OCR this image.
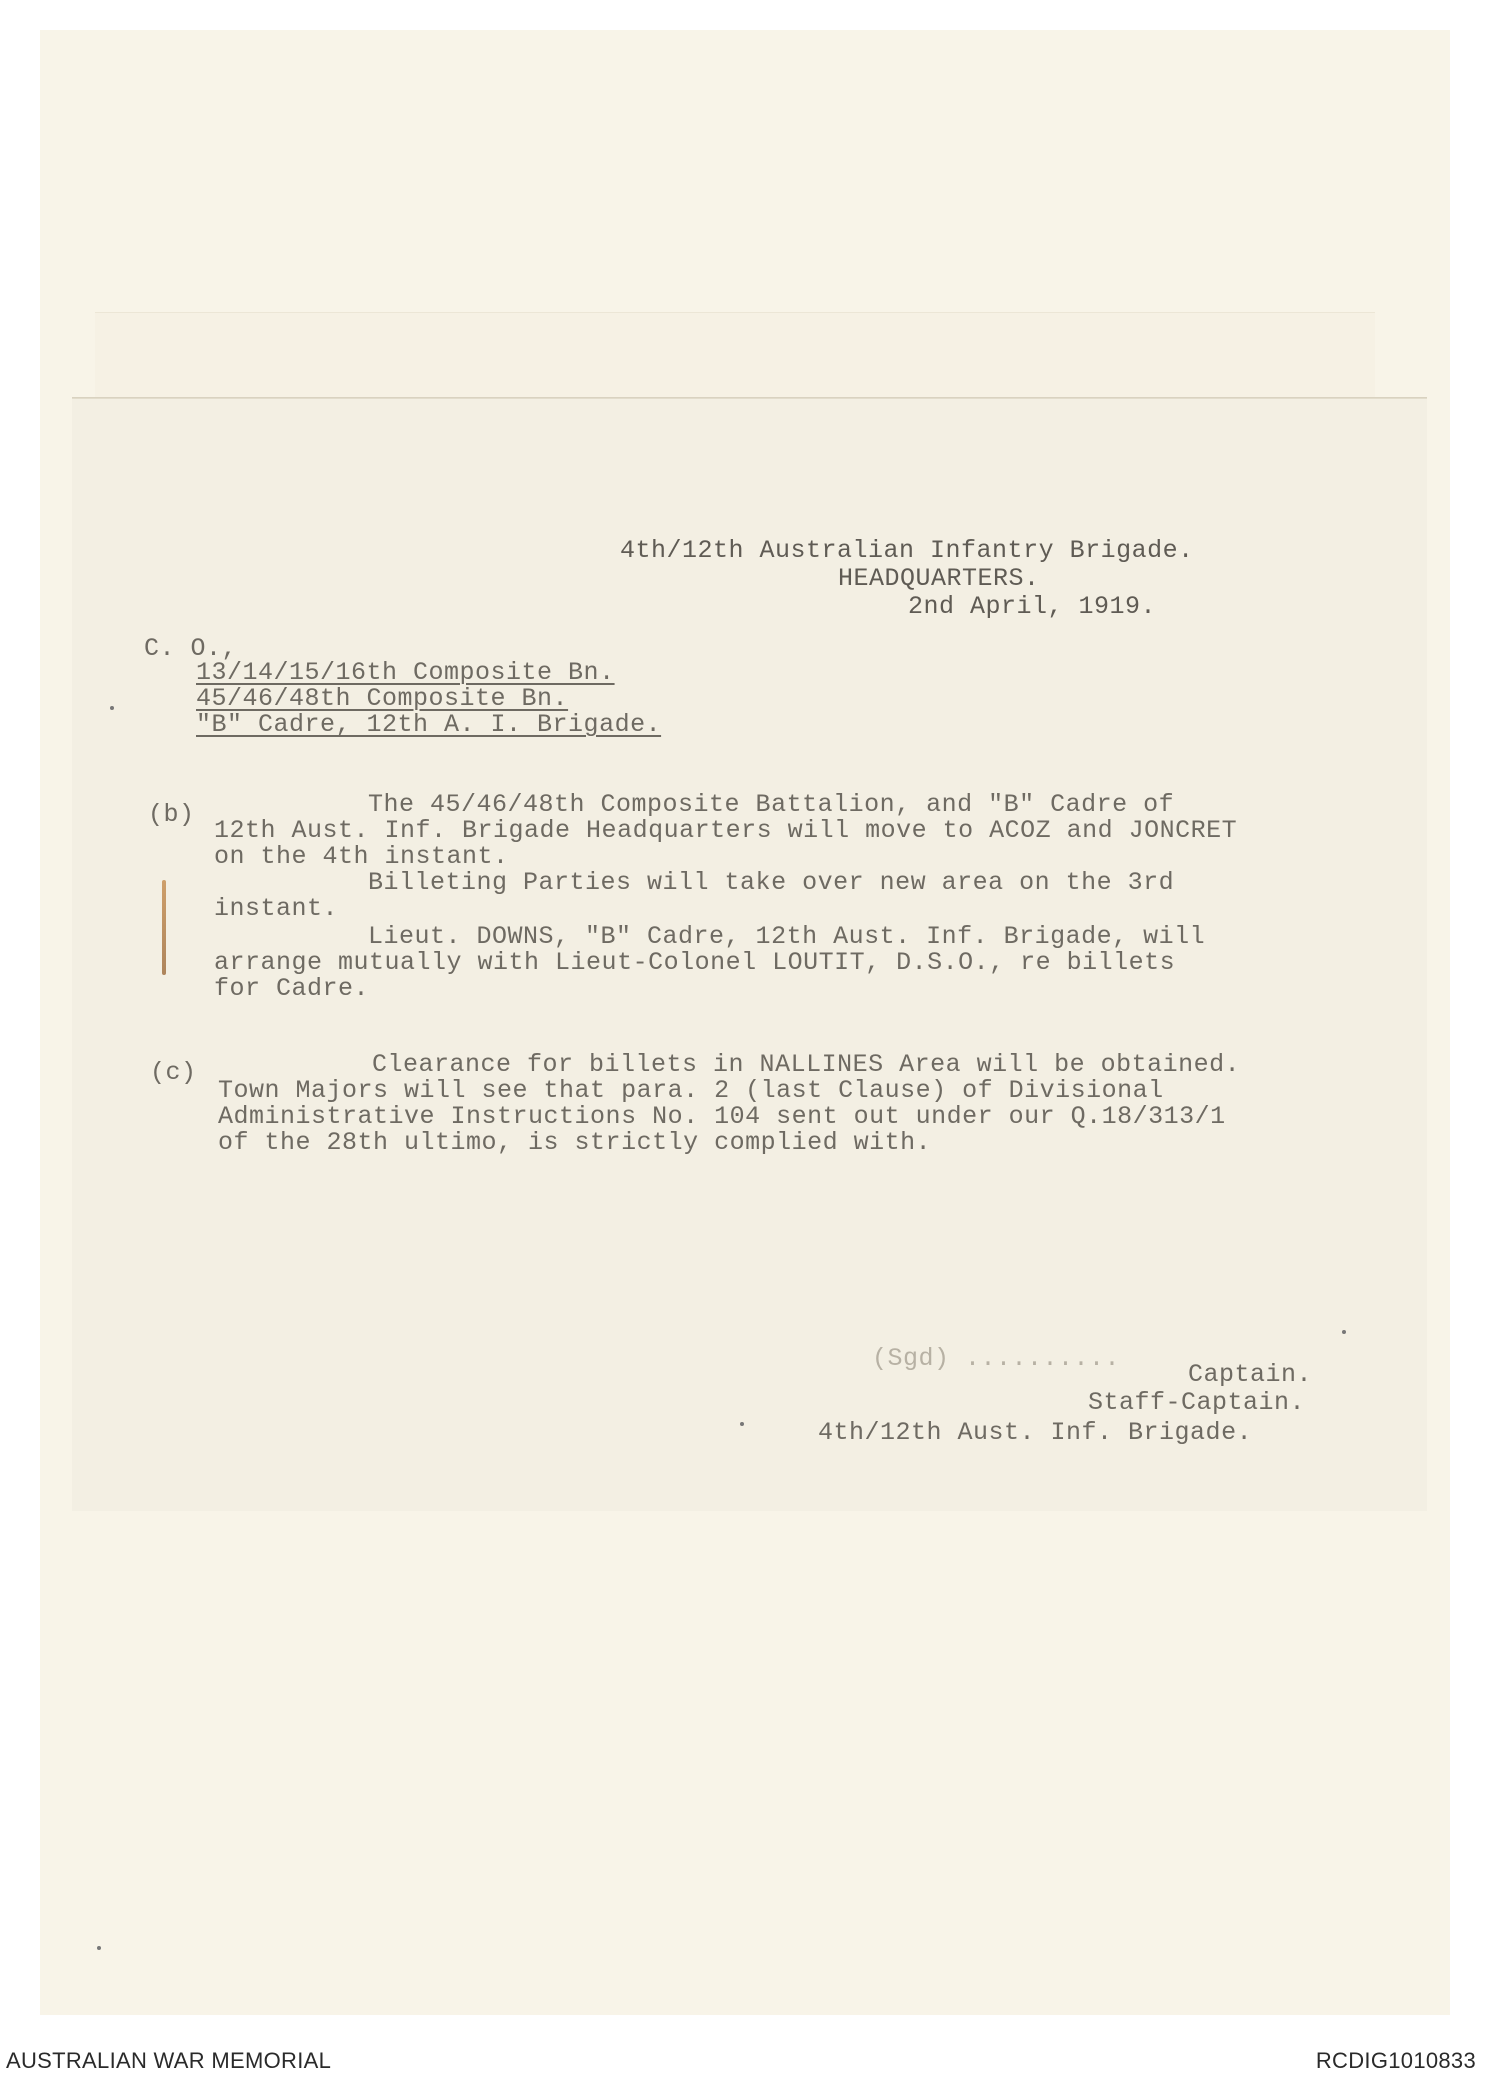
4th/12th Australian Infantry Brigade.
HEADQUARTERS.
2nd April, 1919.
C. O.,
13/14/15/16th Composite Bn.
45/46/48th Composite Bn.
"B" Cadre, 12th A. I. Brigade.
(b)	The 45/46/48th Composite Battalion, and "B" Cadre of
12th Aust. Inf. Brigade Headquarters will move to ACOZ and JONCRET
on the 4th instant.
Billeting Parties will take over new area on the 3rd
instant.
Lieut. DOWNS, "B" Cadre, 12th Aust. Inf. Brigade, will
arrange mutually with Lieut-Colonel LOUTIT, D.S.O., re billets
for Cadre.
(c)	Clearance for billets in NALLINES Area will be obtained.
Town Majors will see that para. 2 (last Clause) of Divisional
Administrative Instructions No. 104 sent out under our Q.18/313/1
of the 28th ultimo, is strictly complied with.
(Sgd) ..........
Captain.
Staff-Captain.
4th/12th Aust. Inf. Brigade.
AUSTRALIAN WAR MEMORIAL	RCDIG1010833
